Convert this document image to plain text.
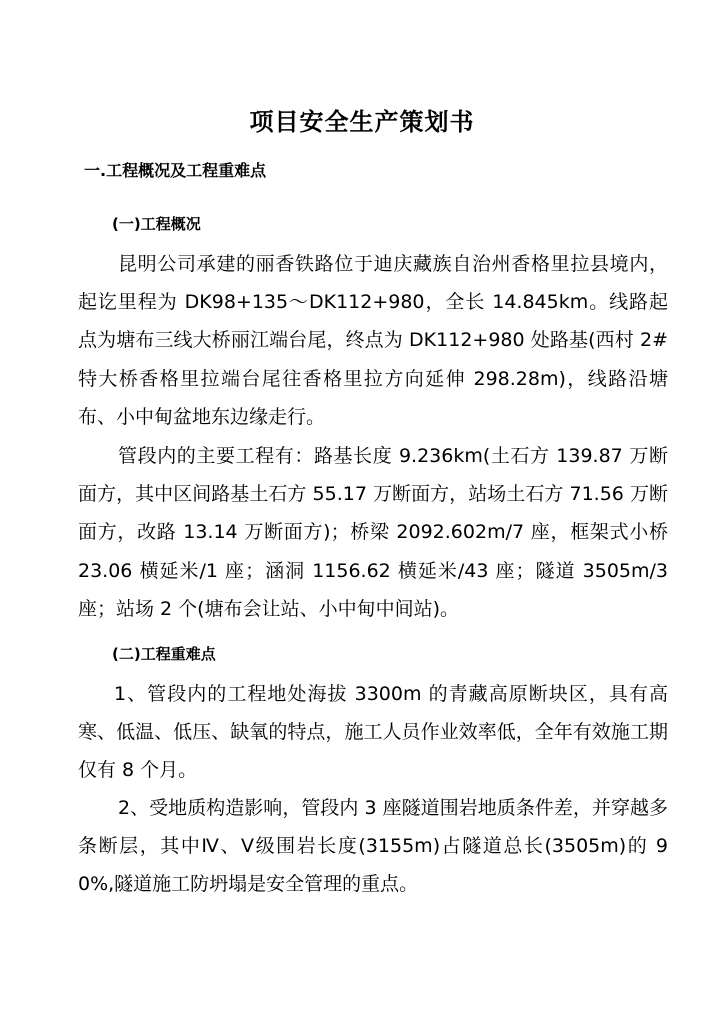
项目安全生产策划书
一.工程概况及工程重难点
(一)工程概况

昆明公司承建的丽香铁路位于迪庆藏族自治州香格里拉县境内，起讫里程为 DK98+135～DK112+980，全长 14.845km。线路起点为塘布三线大桥丽江端台尾，终点为 DK112+980 处路基(西村 2#特大桥香格里拉端台尾往香格里拉方向延伸 298.28m)，线路沿塘布、小中甸盆地东边缘走行。

管段内的主要工程有：路基长度 9.236km(土石方 139.87 万断面方，其中区间路基土石方 55.17 万断面方，站场土石方 71.56 万断面方，改路 13.14 万断面方)；桥梁 2092.602m/7 座，框架式小桥 23.06 横延米/1 座；涵洞 1156.62 横延米/43 座；隧道 3505m/3 座；站场 2 个(塘布会让站、小中甸中间站)。

(二)工程重难点

1、管段内的工程地处海拔 3300m 的青藏高原断块区，具有高寒、低温、低压、缺氧的特点，施工人员作业效率低，全年有效施工期仅有 8 个月。

2、受地质构造影响，管段内 3 座隧道围岩地质条件差，并穿越多条断层，其中Ⅳ、Ⅴ级围岩长度(3155m)占隧道总长(3505m)的 90%,隧道施工防坍塌是安全管理的重点。
